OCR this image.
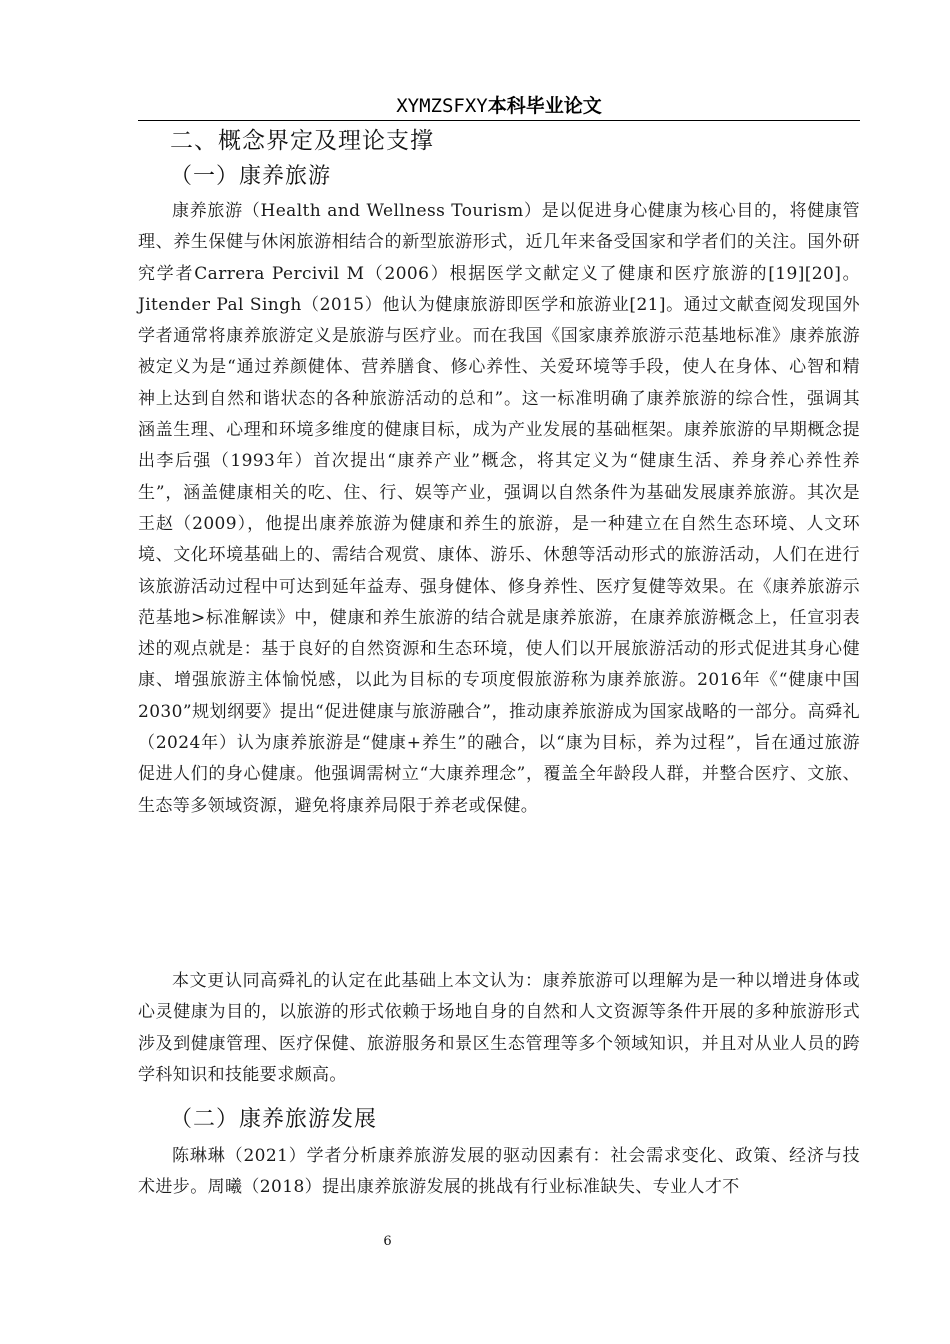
XYMZSFXY本科毕业论文
二、概念界定及理论支撑
（一）康养旅游

康养旅游（Health and Wellness Tourism）是以促进身心健康为核心目的，将健康管理、养生保健与休闲旅游相结合的新型旅游形式，近几年来备受国家和学者们的关注。国外研究学者Carrera Percivil M（2006）根据医学文献定义了健康和医疗旅游的[19][20]。Jitender Pal Singh（2015）他认为健康旅游即医学和旅游业[21]。通过文献查阅发现国外学者通常将康养旅游定义是旅游与医疗业。而在我国《国家康养旅游示范基地标准》康养旅游被定义为是“通过养颜健体、营养膳食、修心养性、关爱环境等手段，使人在身体、心智和精神上达到自然和谐状态的各种旅游活动的总和”。这一标准明确了康养旅游的综合性，强调其涵盖生理、心理和环境多维度的健康目标，成为产业发展的基础框架。康养旅游的早期概念提出李后强（1993年）首次提出“康养产业”概念，将其定义为“健康生活、养身养心养性养生”，涵盖健康相关的吃、住、行、娱等产业，强调以自然条件为基础发展康养旅游。其次是王赵（2009），他提出康养旅游为健康和养生的旅游，是一种建立在自然生态环境、人文环境、文化环境基础上的、需结合观赏、康体、游乐、休憩等活动形式的旅游活动，人们在进行该旅游活动过程中可达到延年益寿、强身健体、修身养性、医疗复健等效果。在《康养旅游示范基地>标准解读》中，健康和养生旅游的结合就是康养旅游，在康养旅游概念上，任宣羽表述的观点就是：基于良好的自然资源和生态环境，使人们以开展旅游活动的形式促进其身心健康、增强旅游主体愉悦感，以此为目标的专项度假旅游称为康养旅游。2016年《“健康中国2030”规划纲要》提出“促进健康与旅游融合”，推动康养旅游成为国家战略的一部分。高舜礼（2024年）认为康养旅游是“健康+养生”的融合，以“康为目标，养为过程”，旨在通过旅游促进人们的身心健康。他强调需树立“大康养理念”，覆盖全年龄段人群，并整合医疗、文旅、生态等多领域资源，避免将康养局限于养老或保健。

本文更认同高舜礼的认定在此基础上本文认为：康养旅游可以理解为是一种以增进身体或心灵健康为目的，以旅游的形式依赖于场地自身的自然和人文资源等条件开展的多种旅游形式涉及到健康管理、医疗保健、旅游服务和景区生态管理等多个领域知识，并且对从业人员的跨学科知识和技能要求颇高。

（二）康养旅游发展

陈琳琳（2021）学者分析康养旅游发展的驱动因素有：社会需求变化、政策、经济与技术进步。周曦（2018）提出康养旅游发展的挑战有行业标准缺失、专业人才不

6
